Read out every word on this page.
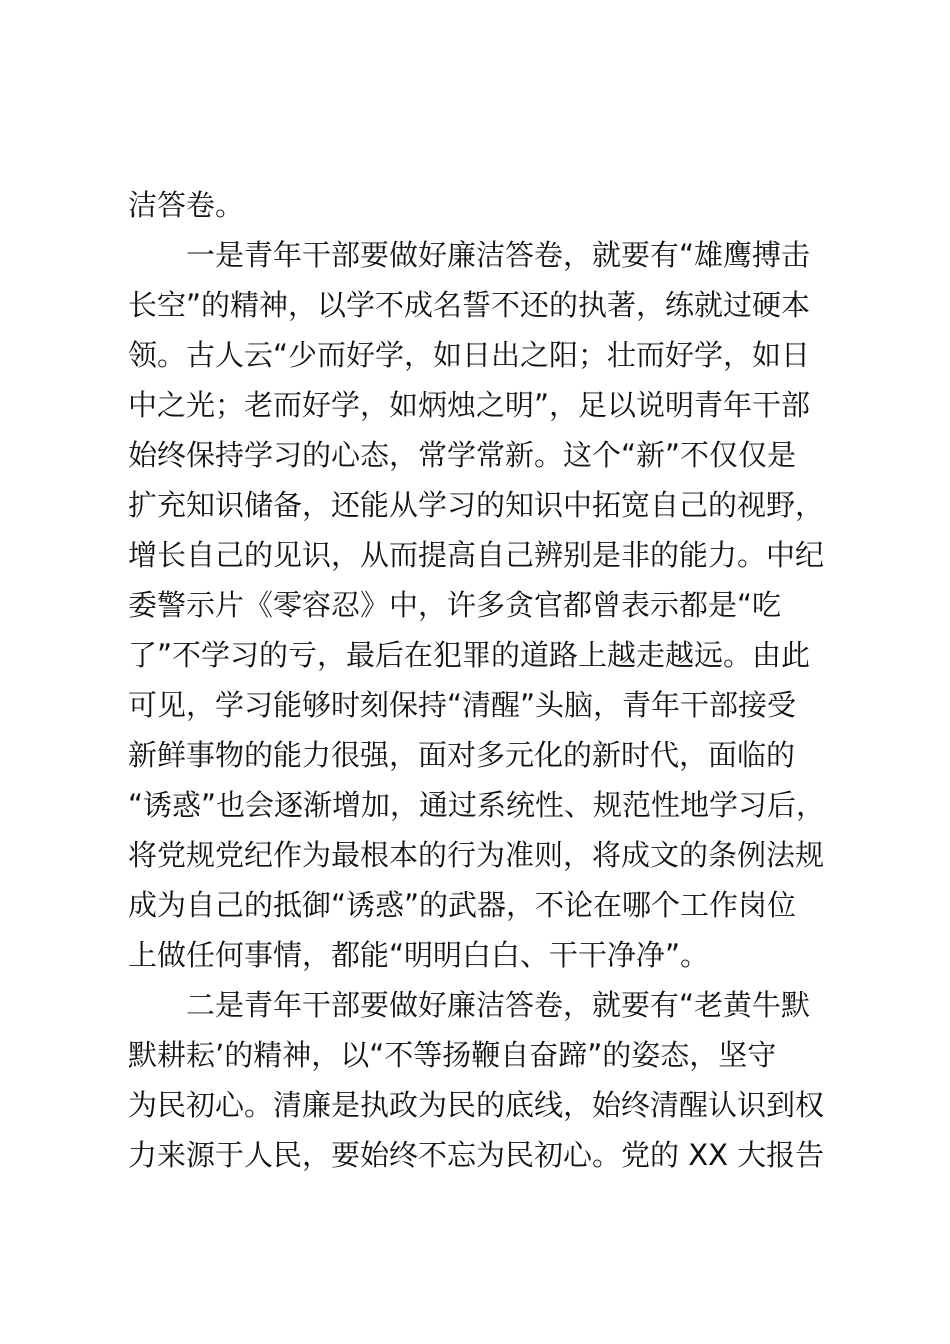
洁答卷。
一是青年干部要做好廉洁答卷，就要有“雄鹰搏击
长空”的精神，以学不成名誓不还的执著，练就过硬本
领。古人云“少而好学，如日出之阳；壮而好学，如日
中之光；老而好学，如炳烛之明”，足以说明青年干部
始终保持学习的心态，常学常新。这个“新”不仅仅是
扩充知识储备，还能从学习的知识中拓宽自己的视野，
增长自己的见识，从而提高自己辨别是非的能力。中纪
委警示片《零容忍》中，许多贪官都曾表示都是“吃
了”不学习的亏，最后在犯罪的道路上越走越远。由此
可见，学习能够时刻保持“清醒”头脑，青年干部接受
新鲜事物的能力很强，面对多元化的新时代，面临的
“诱惑”也会逐渐增加，通过系统性、规范性地学习后，
将党规党纪作为最根本的行为准则，将成文的条例法规
成为自己的抵御“诱惑”的武器，不论在哪个工作岗位
上做任何事情，都能“明明白白、干干净净”。
二是青年干部要做好廉洁答卷，就要有“老黄牛默
默耕耘’的精神，以“不等扬鞭自奋蹄”的姿态，坚守
为民初心。清廉是执政为民的底线，始终清醒认识到权
力来源于人民，要始终不忘为民初心。党的 XX 大报告
